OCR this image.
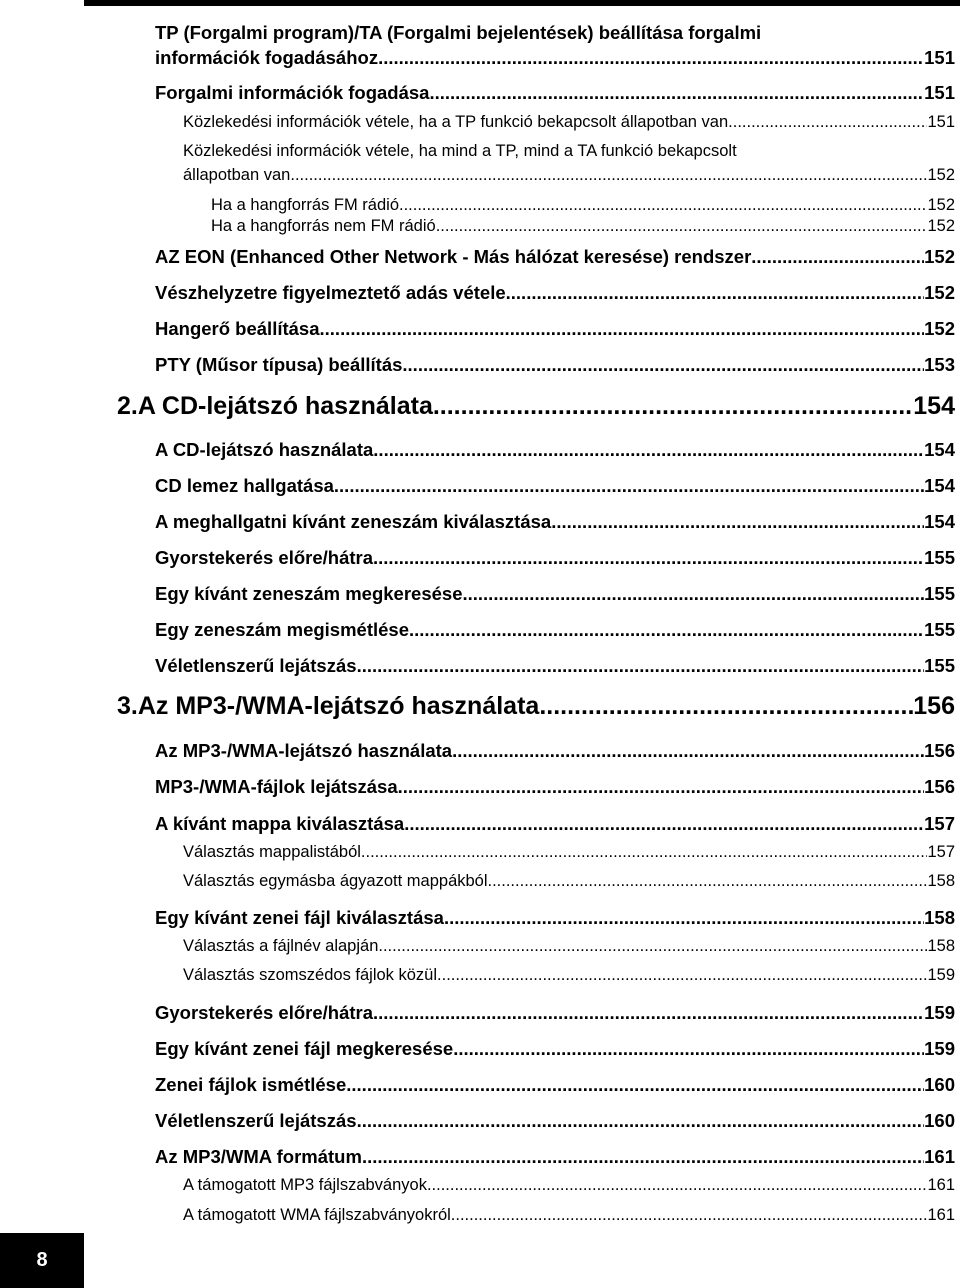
TP (Forgalmi program)/TA (Forgalmi bejelentések) beállítása forgalmi
információk fogadásához .....	151
Forgalmi információk fogadása .....	151
Közlekedési információk vétele, ha a TP funkció bekapcsolt állapotban van. .....	151
Közlekedési információk vétele, ha mind a TP, mind a TA funkció bekapcsolt
állapotban van. .....	152
Ha a hangforrás FM rádió .....	152
Ha a hangforrás nem FM rádió .....	152
AZ EON (Enhanced Other Network - Más hálózat keresése) rendszer .....	152
Vészhelyzetre figyelmeztető adás vétele .....	152
Hangerő beállítása .....	152
PTY (Műsor típusa) beállítás .....	153
2. A CD-lejátszó használata .....	154
A CD-lejátszó használata .....	154
CD lemez hallgatása .....	154
A meghallgatni kívánt zeneszám kiválasztása .....	154
Gyorstekerés előre/hátra .....	155
Egy kívánt zeneszám megkeresése .....	155
Egy zeneszám megismétlése .....	155
Véletlenszerű lejátszás .....	155
3. Az MP3-/WMA-lejátszó használata .....	156
Az MP3-/WMA-lejátszó használata .....	156
MP3-/WMA-fájlok lejátszása .....	156
A kívánt mappa kiválasztása .....	157
Választás mappalistából. .....	157
Választás egymásba ágyazott mappákból .....	158
Egy kívánt zenei fájl kiválasztása .....	158
Választás a fájlnév alapján .....	158
Választás szomszédos fájlok közül .....	159
Gyorstekerés előre/hátra .....	159
Egy kívánt zenei fájl megkeresése .....	159
Zenei fájlok ismétlése .....	160
Véletlenszerű lejátszás .....	160
Az MP3/WMA formátum .....	161
A támogatott MP3 fájlszabványok .....	161
A támogatott WMA fájlszabványokról .....	161
8
